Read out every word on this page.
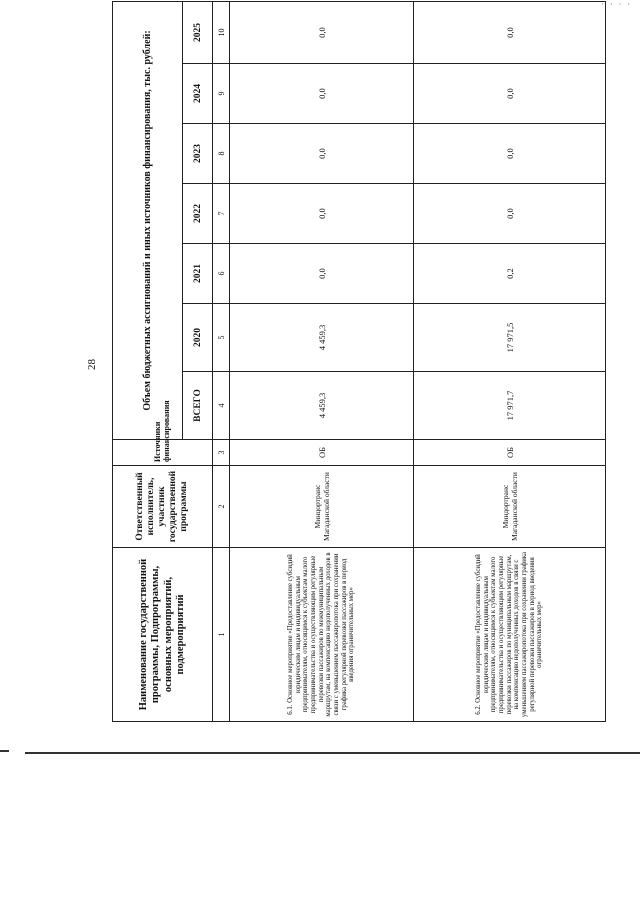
· · · ·
28
Наименование государственной программы, Подпрограммы, основных мероприятий, подмероприятий	Ответственный исполнитель, участник государственной программы	Источники финансирования	Объем бюджетных ассигнований и иных источников финансирования, тыс. рублей:						
			ВСЕГО	2020	2021	2022	2023	2024	2025
1	2	3	4	5	6	7	8	9	10
6.1. Основное мероприятие «Предоставление субсидий юридическим лицам и индивидуальным предпринимателям, относящимся к субъектам малого предпринимательства и осуществляющим регулярные перевозки пассажиров по межмуниципальным маршрутам, на компенсацию недополученных доходов в связи с уменьшением пассажиропотока при сохранении графика регулярной перевозки пассажиров в период введения ограничительных мер»	Минцортранс Магаданской области	ОБ	4 459,3	4 459,3	0,0	0,0	0,0	0,0	0,0
6.2. Основное мероприятие «Предоставление субсидий юридическим лицам и индивидуальным предпринимателям, относящимся к субъектам малого предпринимательства и осуществляющим регулярные перевозки пассажиров по муниципальным маршрутам, на компенсацию недополученных доходов в связи с уменьшением пассажиропотока при сохранении графика регулярной перевозки пассажиров в период введения ограничительных мер»	Миндортранс Магаданской области	ОБ	17 971,7	17 971,5	0,2	0,0	0,0	0,0	0,0
